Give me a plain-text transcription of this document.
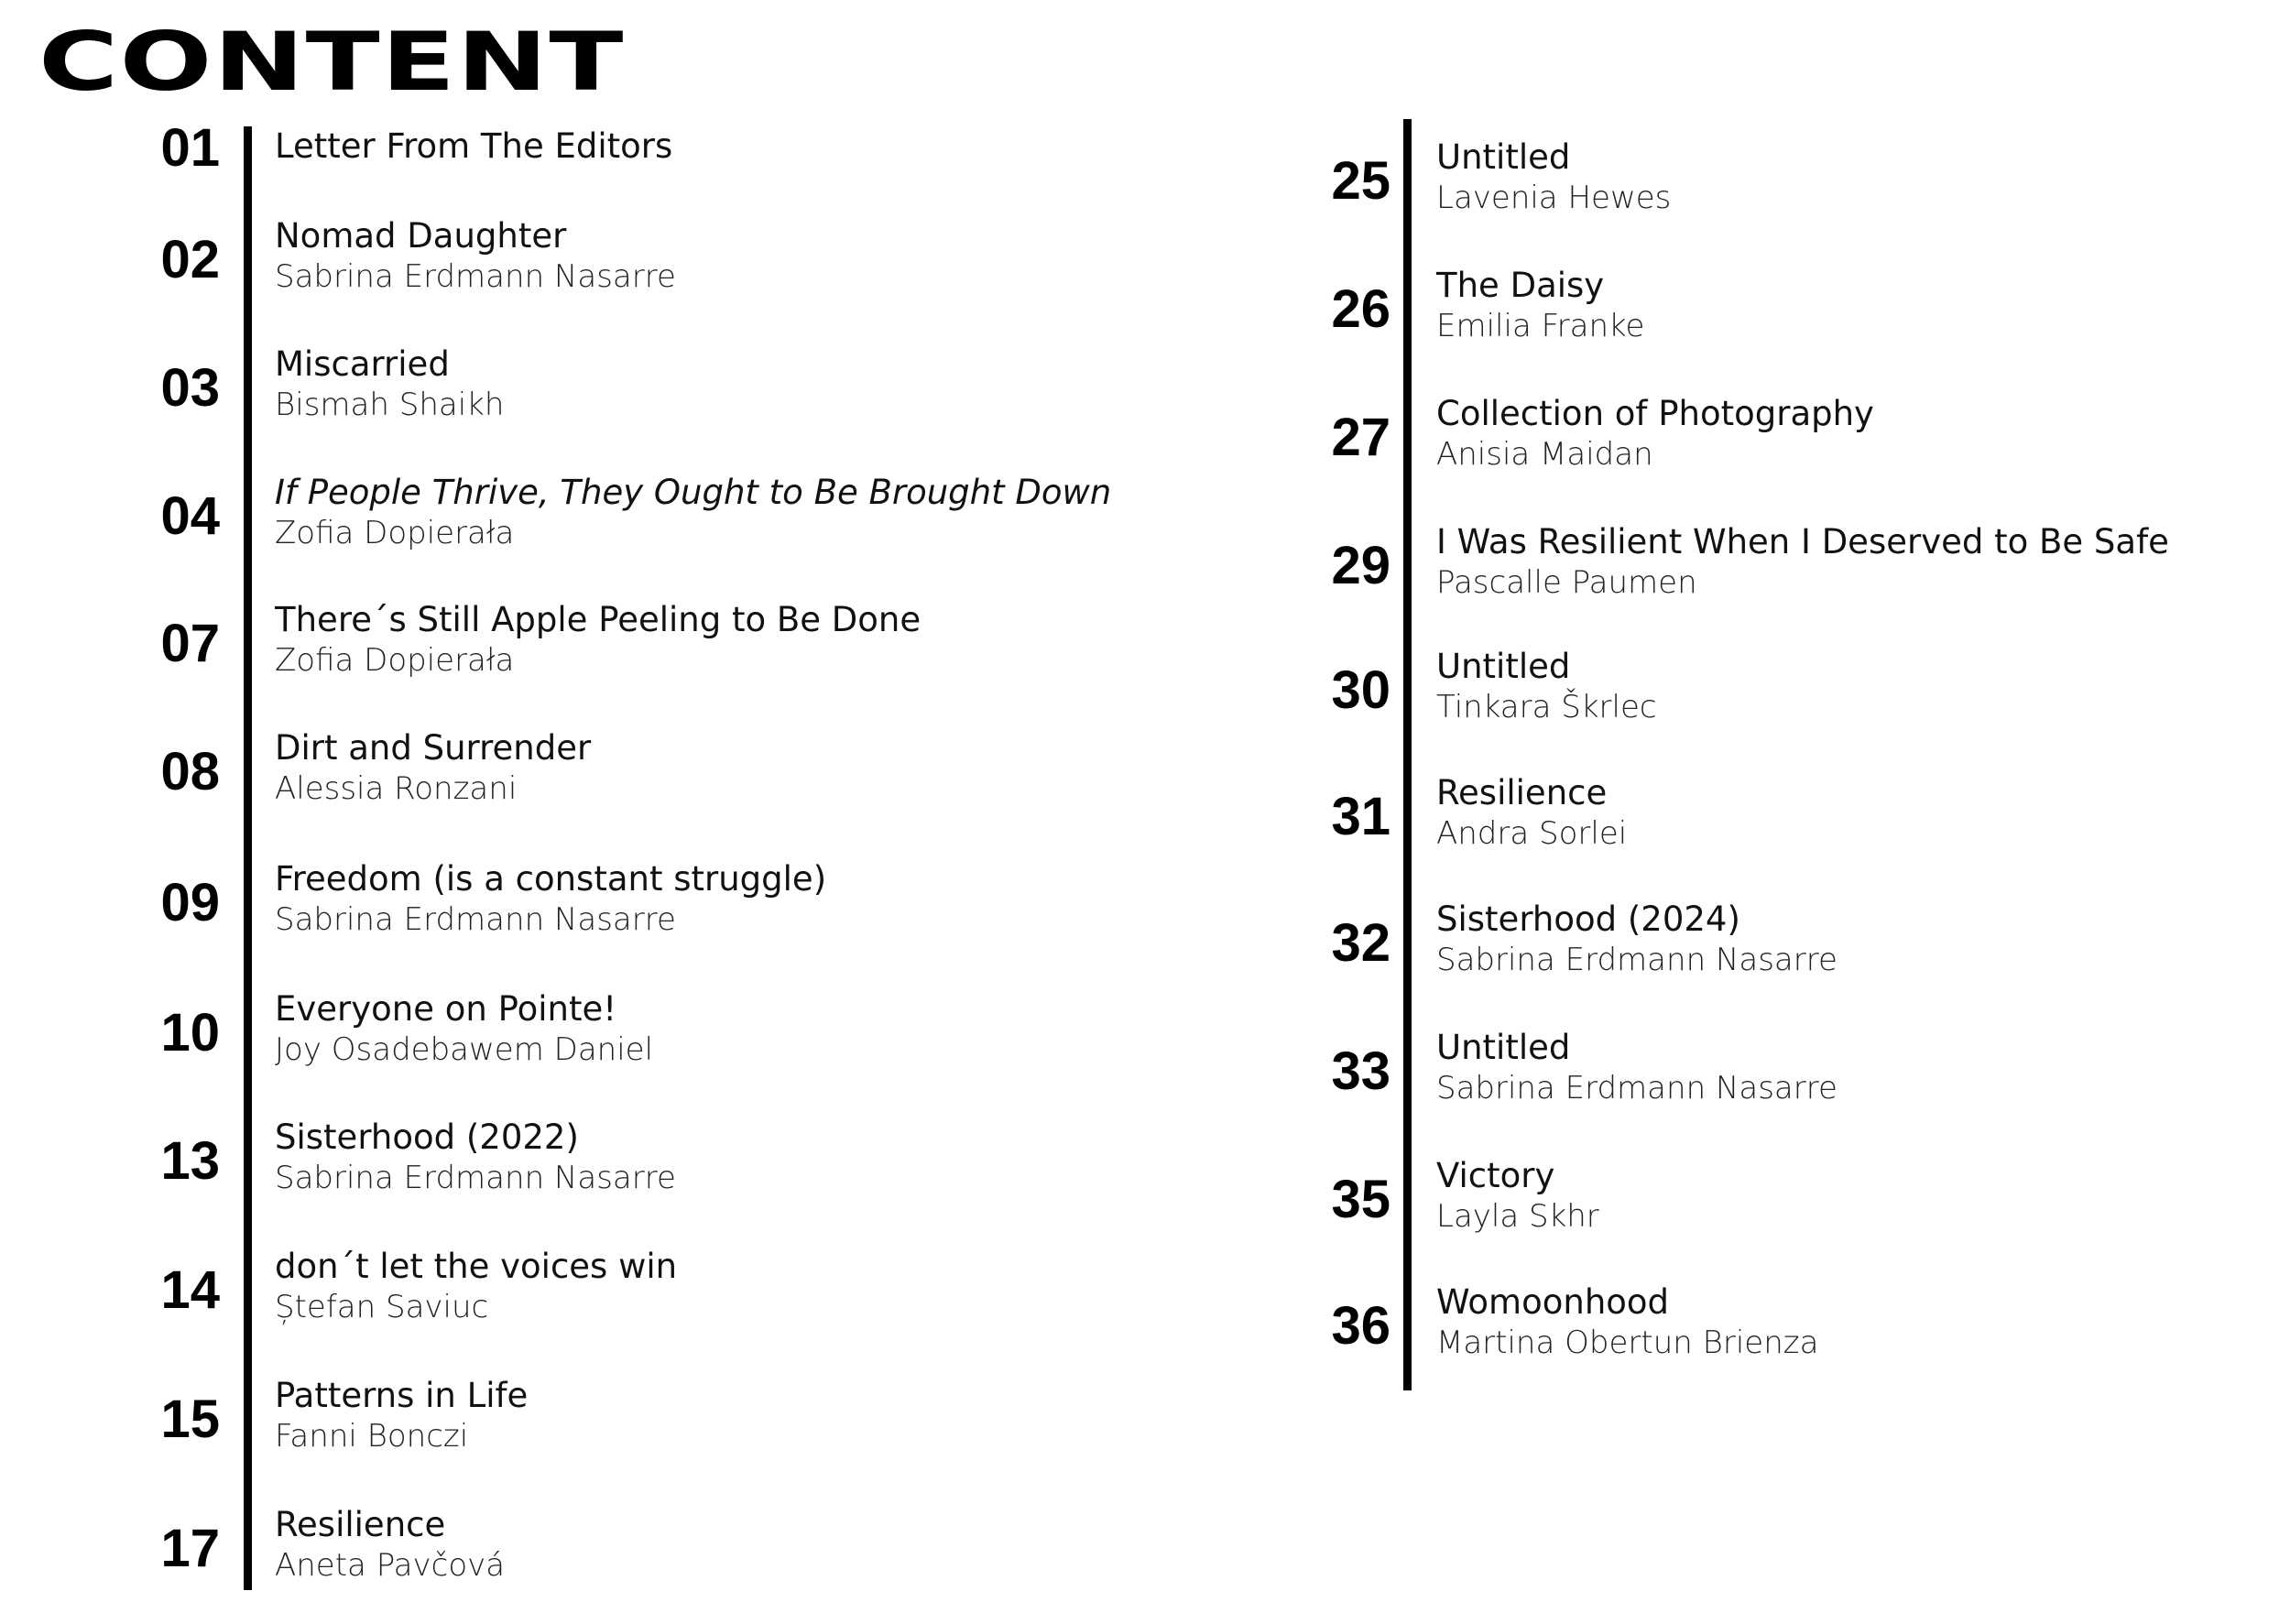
CONTENT
01 Letter From The Editors
02 Nomad Daughter
Sabrina Erdmann Nasarre
03 Miscarried
Bismah Shaikh
04 If People Thrive, They Ought to Be Brought Down
Zofia Dopierała
07 There´s Still Apple Peeling to Be Done
Zofia Dopierała
08 Dirt and Surrender
Alessia Ronzani
09 Freedom (is a constant struggle)
Sabrina Erdmann Nasarre
10 Everyone on Pointe!
Joy Osadebawem Daniel
13 Sisterhood (2022)
Sabrina Erdmann Nasarre
14 don´t let the voices win
Ștefan Saviuc
15 Patterns in Life
Fanni Bonczi
17 Resilience
Aneta Pavčová
25 Untitled
Lavenia Hewes
26 The Daisy
Emilia Franke
27 Collection of Photography
Anisia Maidan
29 I Was Resilient When I Deserved to Be Safe
Pascalle Paumen
30 Untitled
Tinkara Škrlec
31 Resilience
Andra Sorlei
32 Sisterhood (2024)
Sabrina Erdmann Nasarre
33 Untitled
Sabrina Erdmann Nasarre
35 Victory
Layla Skhr
36 Womoonhood
Martina Obertun Brienza
